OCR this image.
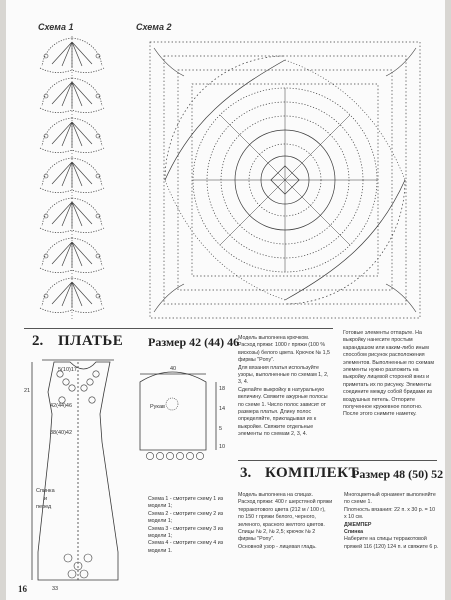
Схема 1	Схема 2

Готовые элементы отпарьте. На

выкройку нанесите простым

карандашом или каким-либо иным

способом рисунок расположения

элементов. Выполненные по схемам

элементы нужно разложить на

выкройку лицевой стороной вниз и

приметать их по рисунку. Элементы

соедините между собой бридами из

воздушных петель. Отпорите

полученное кружевное полотно.

После этого снимите наметку.

2. ПЛАТЬЕ Размер 42 (44) 46
5(10)17
42(44)46
38(40)42
21
40
18
14
5
10
33
Рукав
Спинка
и
перед

Модель выполнена крючком.

Расход пряжи: 1000 г пряжи (100 %

вискозы) белого цвета. Крючок № 1,5

фирмы "Pony".

Для вязания платья используйте

узоры, выполненные по схемам 1, 2,

3, 4.

Сделайте выкройку в натуральную

величину. Свяжите ажурные полосы

по схеме 1. Число полос зависит от

размера платья. Длину полос

определяйте, прикладывая их к

выкройке. Свяжите отдельные

элементы по схемам 2, 3, 4.

Схема 1 - смотрите схему 1 из

модели 1;

Схема 2 - смотрите схему 2 из

модели 1;

Схема 3 - смотрите схему 3 из

модели 1;

Схема 4 - смотрите схему 4 из

модели 1.

3. КОМПЛЕКТ
Размер 48 (50) 52

Модель выполнена на спицах.

Расход пряжи: 400 г шерстяной пряжи

терракотового цвета (212 м / 100 г),

по 150 г пряжи белого, черного,

зеленого, красного желтого цветов.

Спицы № 2, № 2,5; крючок № 2

фирмы "Pony".

Основной узор - лицевая гладь.

Многоцветный орнамент выполняйте

по схеме 1.

Плотность вязания: 22 п. х 30 р. = 10

х 10 см.

ДЖЕМПЕР

Спинка

Наберите на спицы терракотовой

пряжей 116 (120) 124 п. и свяжите 6 р.

16
